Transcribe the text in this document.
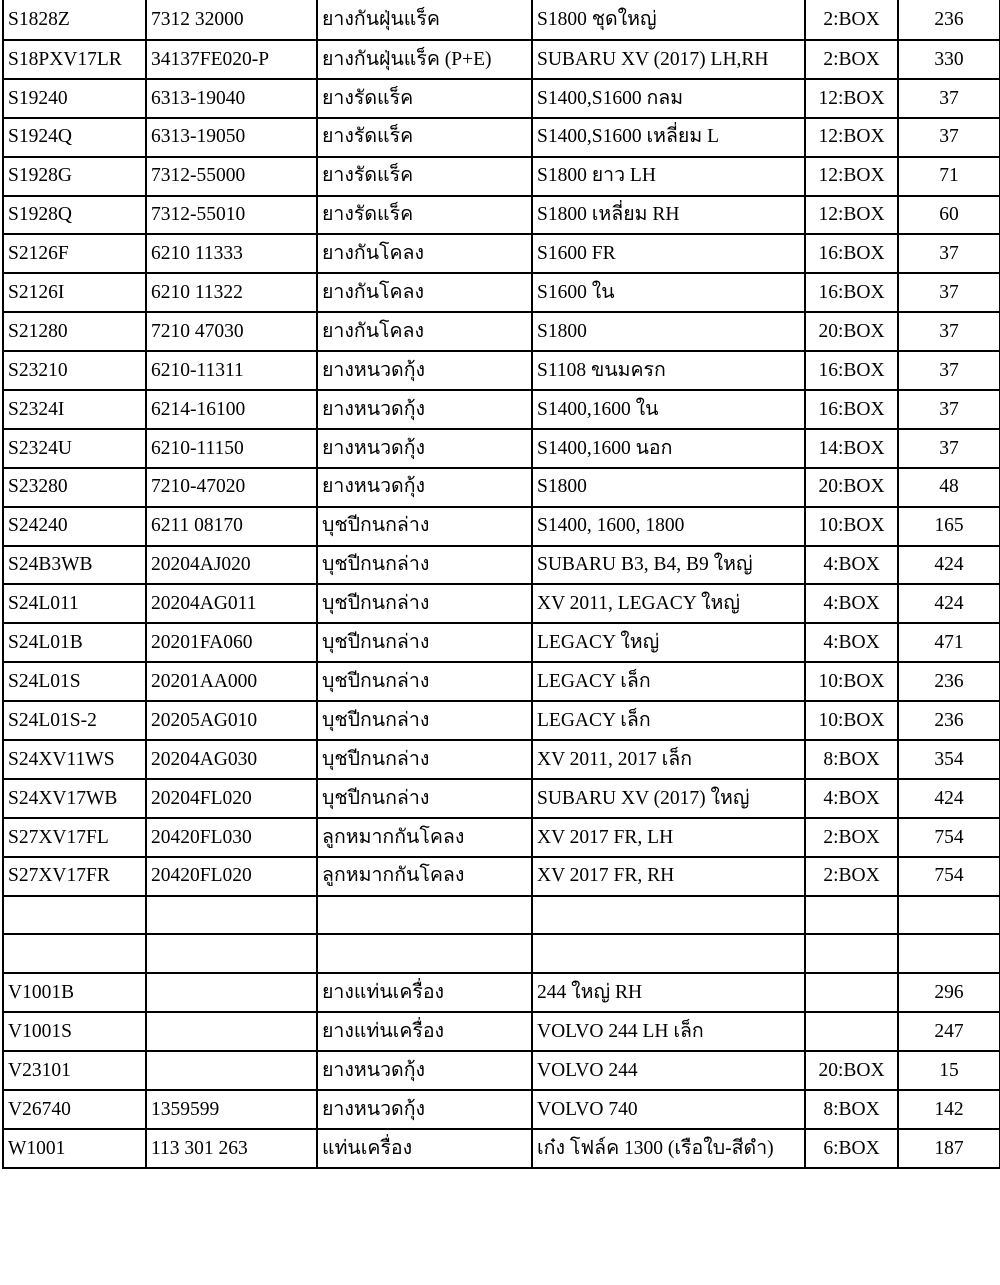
S1828Z	7312 32000	ยางกันฝุ่นแร็ค	S1800 ชุดใหญ่	2:BOX	236
S18PXV17LR	34137FE020-P	ยางกันฝุ่นแร็ค (P+E)	SUBARU XV (2017) LH,RH	2:BOX	330
S19240	6313-19040	ยางรัดแร็ค	S1400,S1600 กลม	12:BOX	37
S1924Q	6313-19050	ยางรัดแร็ค	S1400,S1600 เหลี่ยม L	12:BOX	37
S1928G	7312-55000	ยางรัดแร็ค	S1800 ยาว LH	12:BOX	71
S1928Q	7312-55010	ยางรัดแร็ค	S1800 เหลี่ยม RH	12:BOX	60
S2126F	6210 11333	ยางกันโคลง	S1600 FR	16:BOX	37
S2126I	6210 11322	ยางกันโคลง	S1600 ใน	16:BOX	37
S21280	7210 47030	ยางกันโคลง	S1800	20:BOX	37
S23210	6210-11311	ยางหนวดกุ้ง	S1108 ขนมครก	16:BOX	37
S2324I	6214-16100	ยางหนวดกุ้ง	S1400,1600 ใน	16:BOX	37
S2324U	6210-11150	ยางหนวดกุ้ง	S1400,1600 นอก	14:BOX	37
S23280	7210-47020	ยางหนวดกุ้ง	S1800	20:BOX	48
S24240	6211 08170	บุชปีกนกล่าง	S1400, 1600, 1800	10:BOX	165
S24B3WB	20204AJ020	บุชปีกนกล่าง	SUBARU B3, B4, B9 ใหญ่	4:BOX	424
S24L011	20204AG011	บุชปีกนกล่าง	XV 2011, LEGACY ใหญ่	4:BOX	424
S24L01B	20201FA060	บุชปีกนกล่าง	LEGACY ใหญ่	4:BOX	471
S24L01S	20201AA000	บุชปีกนกล่าง	LEGACY เล็ก	10:BOX	236
S24L01S-2	20205AG010	บุชปีกนกล่าง	LEGACY เล็ก	10:BOX	236
S24XV11WS	20204AG030	บุชปีกนกล่าง	XV 2011, 2017 เล็ก	8:BOX	354
S24XV17WB	20204FL020	บุชปีกนกล่าง	SUBARU XV (2017) ใหญ่	4:BOX	424
S27XV17FL	20420FL030	ลูกหมากกันโคลง	XV 2017 FR, LH	2:BOX	754
S27XV17FR	20420FL020	ลูกหมากกันโคลง	XV 2017 FR, RH	2:BOX	754

V1001B		ยางแท่นเครื่อง	244 ใหญ่ RH		296
V1001S		ยางแท่นเครื่อง	VOLVO 244 LH เล็ก		247
V23101		ยางหนวดกุ้ง	VOLVO 244	20:BOX	15
V26740	1359599	ยางหนวดกุ้ง	VOLVO 740	8:BOX	142
W1001	113 301 263	แท่นเครื่อง	เก๋ง โฟล์ค 1300 (เรือใบ-สีดำ)	6:BOX	187
